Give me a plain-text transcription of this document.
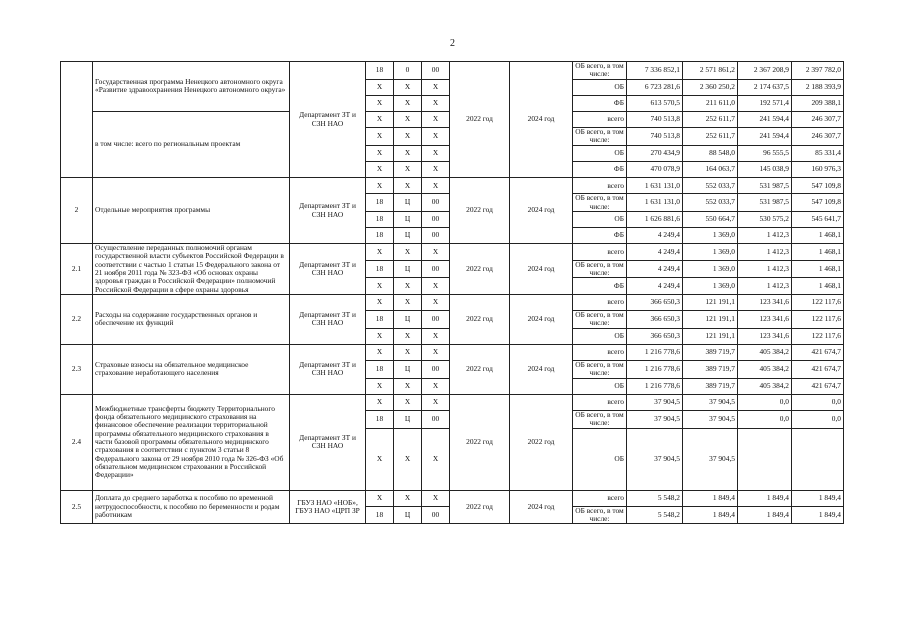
2
	Государственная программа Ненецкого автономного округа «Развитие здравоохранения Ненецкого автономного округа»	Департамент ЗТ и СЗН НАО	18	0	00	2022 год	2024 год	ОБ всего, в том числе:	7 336 852,1	2 571 861,2	2 367 208,9	2 397 782,0
			X	X	X			ОБ	6 723 281,6	2 360 250,2	2 174 637,5	2 188 393,9
			X	X	X			ФБ	613 570,5	211 611,0	192 571,4	209 388,1
	в том числе: всего по региональным проектам		X	X	X			всего	740 513,8	252 611,7	241 594,4	246 307,7
			X	X	X			ОБ всего, в том числе:	740 513,8	252 611,7	241 594,4	246 307,7
			X	X	X			ОБ	270 434,9	88 548,0	96 555,5	85 331,4
			X	X	X			ФБ	470 078,9	164 063,7	145 038,9	160 976,3
2	Отдельные мероприятия программы	Департамент ЗТ и СЗН НАО	X	X	X	2022 год	2024 год	всего	1 631 131,0	552 033,7	531 987,5	547 109,8
			18	Ц	00			ОБ всего, в том числе:	1 631 131,0	552 033,7	531 987,5	547 109,8
			18	Ц	00			ОБ	1 626 881,6	550 664,7	530 575,2	545 641,7
			18	Ц	00			ФБ	4 249,4	1 369,0	1 412,3	1 468,1
2.1	Осуществление переданных полномочий органам государственной власти субъектов Российской Федерации в соответствии с частью 1 статьи 15 Федерального закона от 21 ноября 2011 года № 323-ФЗ «Об основах охраны здоровья граждан в Российской Федерации» полномочий Российской Федерации в сфере охраны здоровья	Департамент ЗТ и СЗН НАО	X	X	X	2022 год	2024 год	всего	4 249,4	1 369,0	1 412,3	1 468,1
			18	Ц	00			ОБ всего, в том числе:	4 249,4	1 369,0	1 412,3	1 468,1
			X	X	X			ФБ	4 249,4	1 369,0	1 412,3	1 468,1
2.2	Расходы на содержание государственных органов и обеспечение их функций	Департамент ЗТ и СЗН НАО	X	X	X	2022 год	2024 год	всего	366 650,3	121 191,1	123 341,6	122 117,6
			18	Ц	00			ОБ всего, в том числе:	366 650,3	121 191,1	123 341,6	122 117,6
			X	X	X			ОБ	366 650,3	121 191,1	123 341,6	122 117,6
2.3	Страховые взносы на обязательное медицинское страхование неработающего населения	Департамент ЗТ и СЗН НАО	X	X	X	2022 год	2024 год	всего	1 216 778,6	389 719,7	405 384,2	421 674,7
			18	Ц	00			ОБ всего, в том числе:	1 216 778,6	389 719,7	405 384,2	421 674,7
			X	X	X			ОБ	1 216 778,6	389 719,7	405 384,2	421 674,7
2.4	Межбюджетные трансферты бюджету Территориального фонда обязательного медицинского страхования на финансовое обеспечение реализации территориальной программы обязательного медицинского страхования в части базовой программы обязательного медицинского страхования в соответствии с пунктом 3 статьи 8 Федерального закона от 29 ноября 2010 года № 326-ФЗ «Об обязательном медицинском страховании в Российской Федерации»	Департамент ЗТ и СЗН НАО	X	X	X	2022 год	2022 год	всего	37 904,5	37 904,5	0,0	0,0
			18	Ц	00			ОБ всего, в том числе:	37 904,5	37 904,5	0,0	0,0
			X	X	X			ОБ	37 904,5	37 904,5		
2.5	Доплата до среднего заработка к пособию по временной нетрудоспособности, к пособию по беременности и родам работникам	ГБУЗ НАО «НОБ», ГБУЗ НАО «ЦРП ЗР	X	X	X	2022 год	2024 год	всего	5 548,2	1 849,4	1 849,4	1 849,4
			18	Ц	00			ОБ всего, в том числе:	5 548,2	1 849,4	1 849,4	1 849,4
